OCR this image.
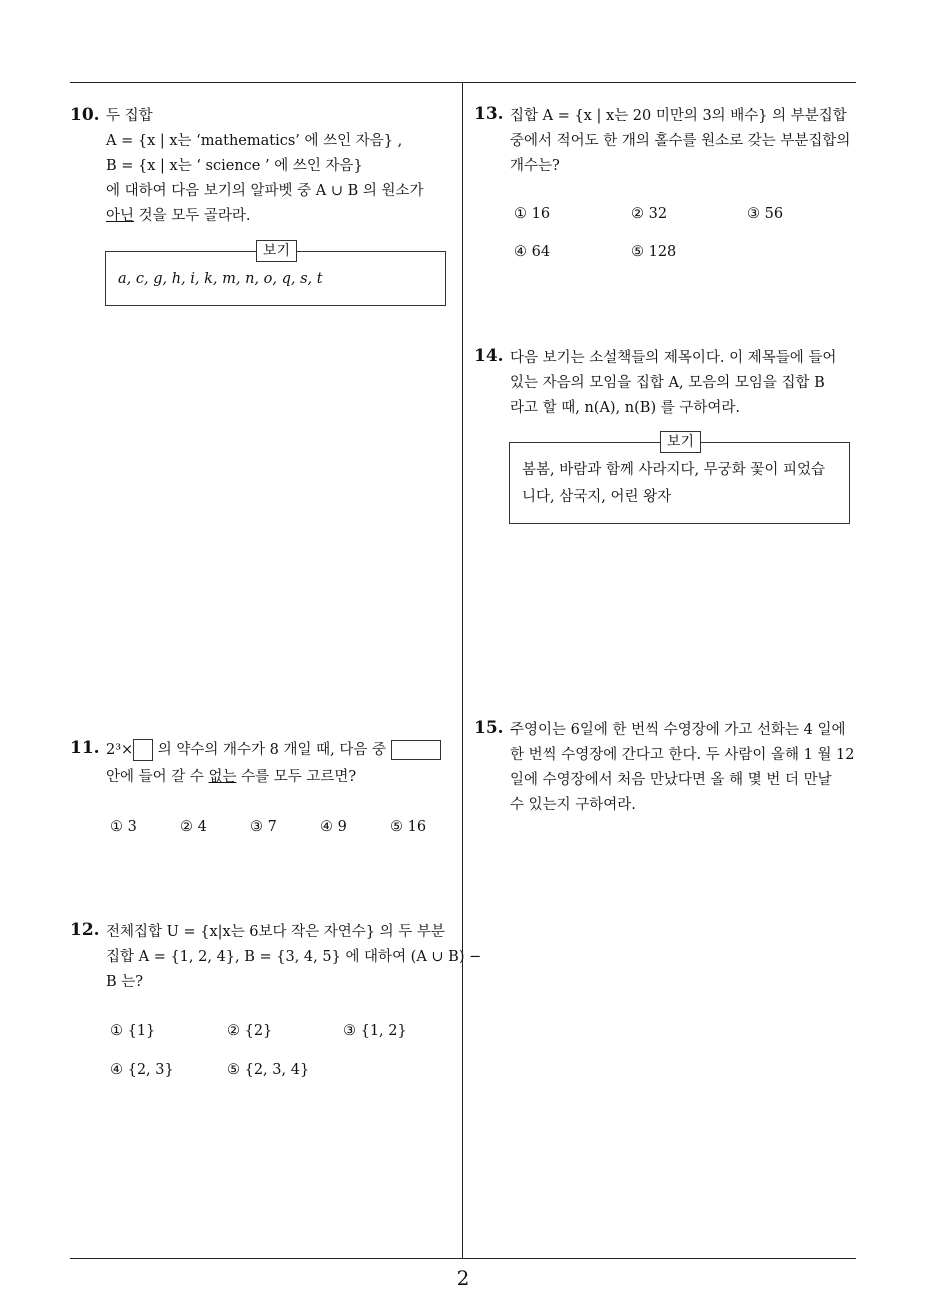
10. 두 집합
A = {x | x는 ‘mathematics’ 에 쓰인 자음} ,
B = {x | x는 ‘ science ’ 에 쓰인 자음}
에 대하여 다음 보기의 알파벳 중 A ∪ B 의 원소가
아닌 것을 모두 골라라.
보기
a, c, g, h, i, k, m, n, o, q, s, t
11. 2³× 의 약수의 개수가 8 개일 때, 다음 중
안에 들어 갈 수 없는 수를 모두 고르면?
① 3	② 4	③ 7	④ 9	⑤ 16
12. 전체집합 U = {x|x는 6보다 작은 자연수} 의 두 부분
집합 A = {1, 2, 4}, B = {3, 4, 5} 에 대하여 (A ∪ B) −
B 는?
① {1}	② {2}	③ {1, 2}
④ {2, 3}	⑤ {2, 3, 4}
13. 집합 A = {x | x는 20 미만의 3의 배수} 의 부분집합
중에서 적어도 한 개의 홀수를 원소로 갖는 부분집합의
개수는?
① 16	② 32	③ 56
④ 64	⑤ 128
14. 다음 보기는 소설책들의 제목이다. 이 제목들에 들어
있는 자음의 모임을 집합 A, 모음의 모임을 집합 B
라고 할 때, n(A), n(B) 를 구하여라.
보기
봄봄, 바람과 함께 사라지다, 무궁화 꽃이 피었습
니다, 삼국지, 어린 왕자
15. 주영이는 6일에 한 번씩 수영장에 가고 선화는 4 일에
한 번씩 수영장에 간다고 한다. 두 사람이 올해 1 월 12
일에 수영장에서 처음 만났다면 올 해 몇 번 더 만날
수 있는지 구하여라.
2
